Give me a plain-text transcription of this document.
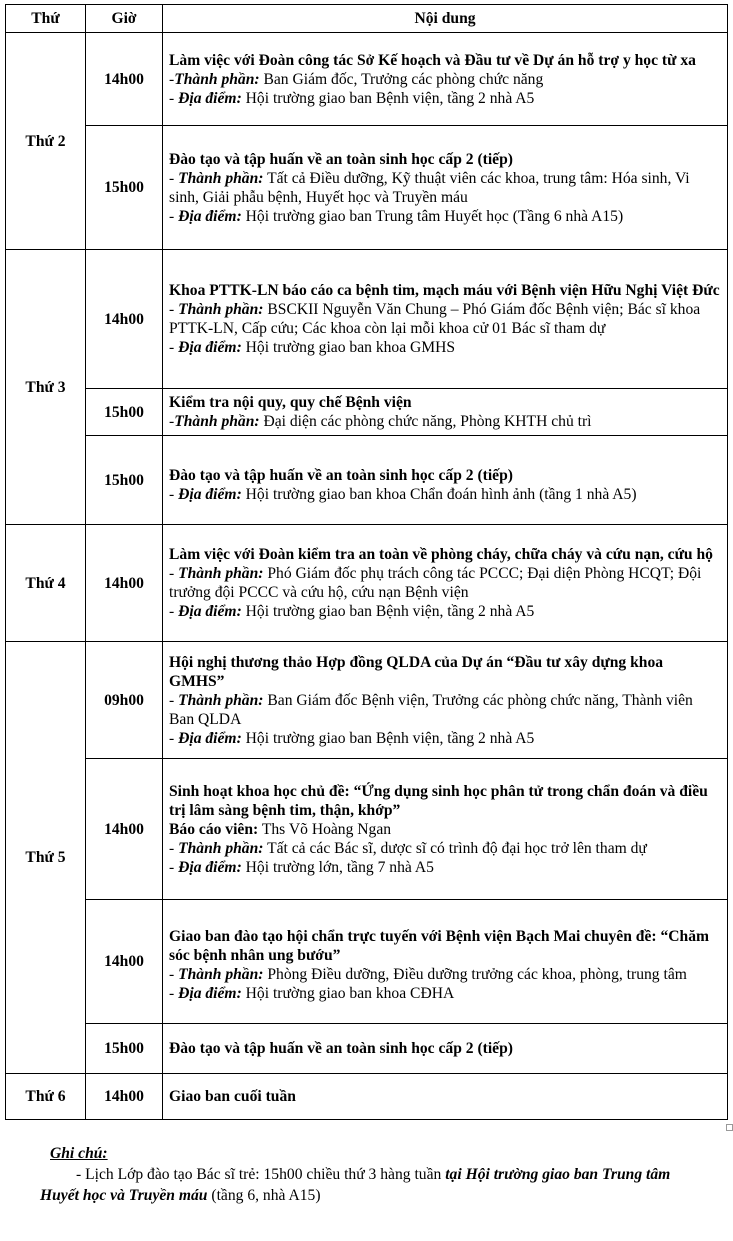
Thứ	Giờ	Nội dung
Thứ 2	14h00	Làm việc với Đoàn công tác Sở Kế hoạch và Đầu tư về Dự án hỗ trợ y học từ xa
-Thành phần: Ban Giám đốc, Trưởng các phòng chức năng
- Địa điểm: Hội trường giao ban Bệnh viện, tầng 2 nhà A5

	15h00	Đào tạo và tập huấn về an toàn sinh học cấp 2 (tiếp)
- Thành phần: Tất cả Điều dưỡng, Kỹ thuật viên các khoa, trung tâm: Hóa sinh, Vi sinh, Giải phẫu bệnh, Huyết học và Truyền máu
- Địa điểm: Hội trường giao ban Trung tâm Huyết học (Tầng 6 nhà A15)

Thứ 3	14h00	Khoa PTTK-LN báo cáo ca bệnh tim, mạch máu với Bệnh viện Hữu Nghị Việt Đức
- Thành phần: BSCKII Nguyễn Văn Chung – Phó Giám đốc Bệnh viện; Bác sĩ khoa PTTK-LN, Cấp cứu; Các khoa còn lại mỗi khoa cử 01 Bác sĩ tham dự
- Địa điểm: Hội trường giao ban khoa GMHS

	15h00	Kiểm tra nội quy, quy chế Bệnh viện
-Thành phần: Đại diện các phòng chức năng, Phòng KHTH chủ trì

	15h00	Đào tạo và tập huấn về an toàn sinh học cấp 2 (tiếp)
- Địa điểm: Hội trường giao ban khoa Chẩn đoán hình ảnh (tầng 1 nhà A5)

Thứ 4	14h00	Làm việc với Đoàn kiểm tra an toàn về phòng cháy, chữa cháy và cứu nạn, cứu hộ
- Thành phần: Phó Giám đốc phụ trách công tác PCCC; Đại diện Phòng HCQT; Đội trưởng đội PCCC và cứu hộ, cứu nạn Bệnh viện
- Địa điểm: Hội trường giao ban Bệnh viện, tầng 2 nhà A5

Thứ 5	09h00	Hội nghị thương thảo Hợp đồng QLDA của Dự án “Đầu tư xây dựng khoa GMHS”
- Thành phần: Ban Giám đốc Bệnh viện, Trưởng các phòng chức năng, Thành viên Ban QLDA
- Địa điểm: Hội trường giao ban Bệnh viện, tầng 2 nhà A5

	14h00	Sinh hoạt khoa học chủ đề: “Ứng dụng sinh học phân tử trong chẩn đoán và điều trị lâm sàng bệnh tim, thận, khớp”
Báo cáo viên: Ths Võ Hoàng Ngan
- Thành phần: Tất cả các Bác sĩ, dược sĩ có trình độ đại học trở lên tham dự
- Địa điểm: Hội trường lớn, tầng 7 nhà A5

	14h00	Giao ban đào tạo hội chẩn trực tuyến với Bệnh viện Bạch Mai chuyên đề: “Chăm sóc bệnh nhân ung bướu”
- Thành phần: Phòng Điều dưỡng, Điều dưỡng trưởng các khoa, phòng, trung tâm
- Địa điểm: Hội trường giao ban khoa CĐHA

	15h00	Đào tạo và tập huấn về an toàn sinh học cấp 2 (tiếp)

Thứ 6	14h00	Giao ban cuối tuần
Ghi chú:
- Lịch Lớp đào tạo Bác sĩ trẻ: 15h00 chiều thứ 3 hàng tuần tại Hội trường giao ban Trung tâm Huyết học và Truyền máu (tầng 6, nhà A15)
